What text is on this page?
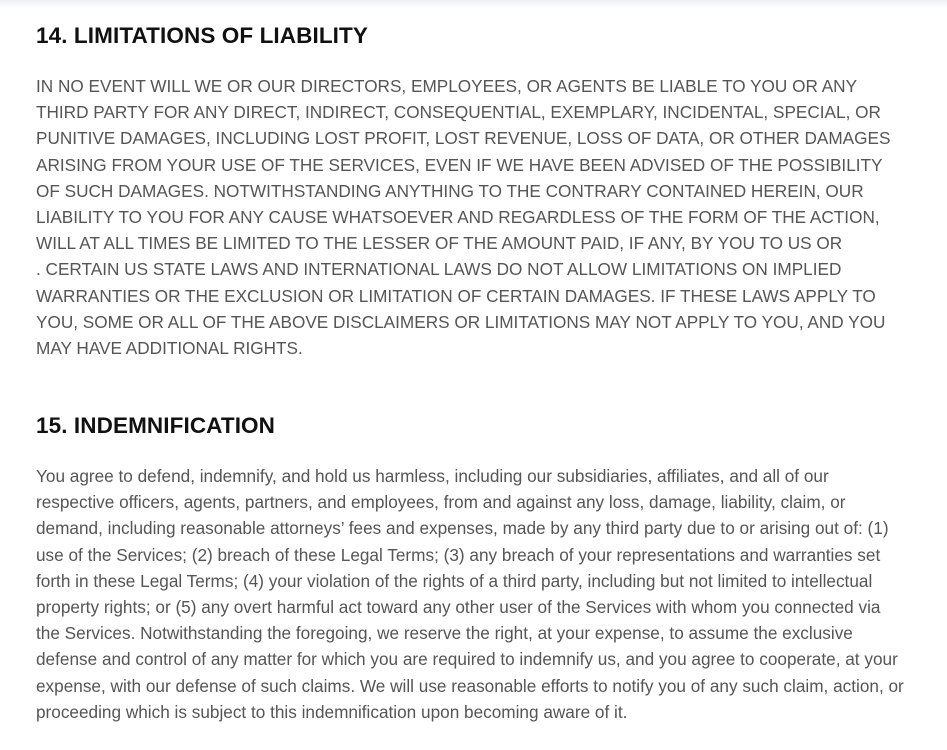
14. LIMITATIONS OF LIABILITY
IN NO EVENT WILL WE OR OUR DIRECTORS, EMPLOYEES, OR AGENTS BE LIABLE TO YOU OR ANY
THIRD PARTY FOR ANY DIRECT, INDIRECT, CONSEQUENTIAL, EXEMPLARY, INCIDENTAL, SPECIAL, OR
PUNITIVE DAMAGES, INCLUDING LOST PROFIT, LOST REVENUE, LOSS OF DATA, OR OTHER DAMAGES
ARISING FROM YOUR USE OF THE SERVICES, EVEN IF WE HAVE BEEN ADVISED OF THE POSSIBILITY
OF SUCH DAMAGES. NOTWITHSTANDING ANYTHING TO THE CONTRARY CONTAINED HEREIN, OUR
LIABILITY TO YOU FOR ANY CAUSE WHATSOEVER AND REGARDLESS OF THE FORM OF THE ACTION,
WILL AT ALL TIMES BE LIMITED TO THE LESSER OF THE AMOUNT PAID, IF ANY, BY YOU TO US OR
. CERTAIN US STATE LAWS AND INTERNATIONAL LAWS DO NOT ALLOW LIMITATIONS ON IMPLIED
WARRANTIES OR THE EXCLUSION OR LIMITATION OF CERTAIN DAMAGES. IF THESE LAWS APPLY TO
YOU, SOME OR ALL OF THE ABOVE DISCLAIMERS OR LIMITATIONS MAY NOT APPLY TO YOU, AND YOU
MAY HAVE ADDITIONAL RIGHTS.
15. INDEMNIFICATION
You agree to defend, indemnify, and hold us harmless, including our subsidiaries, affiliates, and all of our
respective officers, agents, partners, and employees, from and against any loss, damage, liability, claim, or
demand, including reasonable attorneys’ fees and expenses, made by any third party due to or arising out of: (1)
use of the Services; (2) breach of these Legal Terms; (3) any breach of your representations and warranties set
forth in these Legal Terms; (4) your violation of the rights of a third party, including but not limited to intellectual
property rights; or (5) any overt harmful act toward any other user of the Services with whom you connected via
the Services. Notwithstanding the foregoing, we reserve the right, at your expense, to assume the exclusive
defense and control of any matter for which you are required to indemnify us, and you agree to cooperate, at your
expense, with our defense of such claims. We will use reasonable efforts to notify you of any such claim, action, or
proceeding which is subject to this indemnification upon becoming aware of it.
